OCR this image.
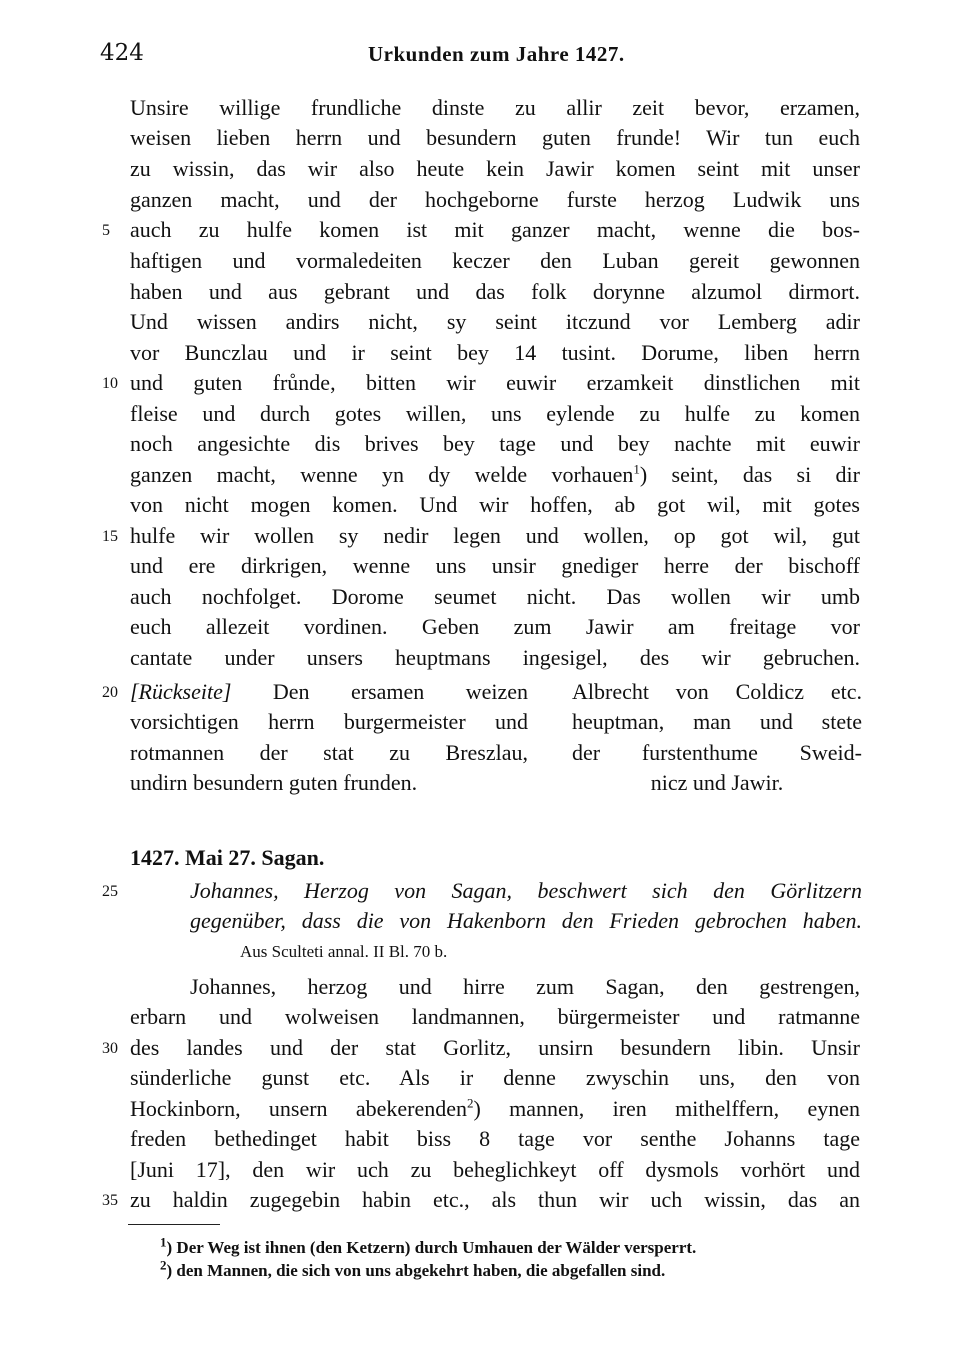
424	Urkunden zum Jahre 1427.
Unsire willige frundliche dinste zu allir zeit bevor, erzamen,
weisen lieben herrn und besundern guten frunde! Wir tun euch
zu wissin, das wir also heute kein Jawir komen seint mit unser
ganzen macht, und der hochgeborne furste herzog Ludwik uns
auch zu hulfe komen ist mit ganzer macht, wenne die bos-
haftigen und vormaledeiten keczer den Luban gereit gewonnen
haben und aus gebrant und das folk dorynne alzumol dirmort.
Und wissen andirs nicht, sy seint itczund vor Lemberg adir
vor Bunczlau und ir seint bey 14 tusint. Dorume, liben herrn
und guten frůnde, bitten wir euwir erzamkeit dinstlichen mit
fleise und durch gotes willen, uns eylende zu hulfe zu komen
noch angesichte dis brives bey tage und bey nachte mit euwir
ganzen macht, wenne yn dy welde vorhauen$^1$) seint, das si dir
von nicht mogen komen. Und wir hoffen, ab got wil, mit gotes
hulfe wir wollen sy nedir legen und wollen, op got wil, gut
und ere dirkrigen, wenne uns unsir gnediger herre der bischoff
auch nochfolget. Dorome seumet nicht. Das wollen wir umb
euch allezeit vordinen. Geben zum Jawir am freitage vor
cantate under unsers heuptmans ingesigel, des wir gebruchen.
[Rückseite] Den ersamen weizen
vorsichtigen herrn burgermeister und
rotmannen der stat zu Breszlau,
undirn besundern guten frunden.
Albrecht von Coldicz etc.
heuptman, man und stete
der furstenthume Sweid-
nicz und Jawir.
1427. Mai 27. Sagan.
Johannes, Herzog von Sagan, beschwert sich den Görlitzern
gegenüber, dass die von Hakenborn den Frieden gebrochen haben.
Aus Sculteti annal. II Bl. 70 b.
Johannes, herzog und hirre zum Sagan, den gestrengen,
erbarn und wolweisen landmannen, bürgermeister und ratmanne
des landes und der stat Gorlitz, unsirn besundern libin. Unsir
sünderliche gunst etc. Als ir denne zwyschin uns, den von
Hockinborn, unsern abekerenden$^2$) mannen, iren mithelffern, eynen
freden bethedinget habit biss 8 tage vor senthe Johanns tage
[Juni 17], den wir uch zu beheglichkeyt off dysmols vorhört und
zu haldin zugegebin habin etc., als thun wir uch wissin, das an
5
10
15
20
25
30
35
$^1$) Der Weg ist ihnen (den Ketzern) durch Umhauen der Wälder versperrt.
$^2$) den Mannen, die sich von uns abgekehrt haben, die abgefallen sind.
